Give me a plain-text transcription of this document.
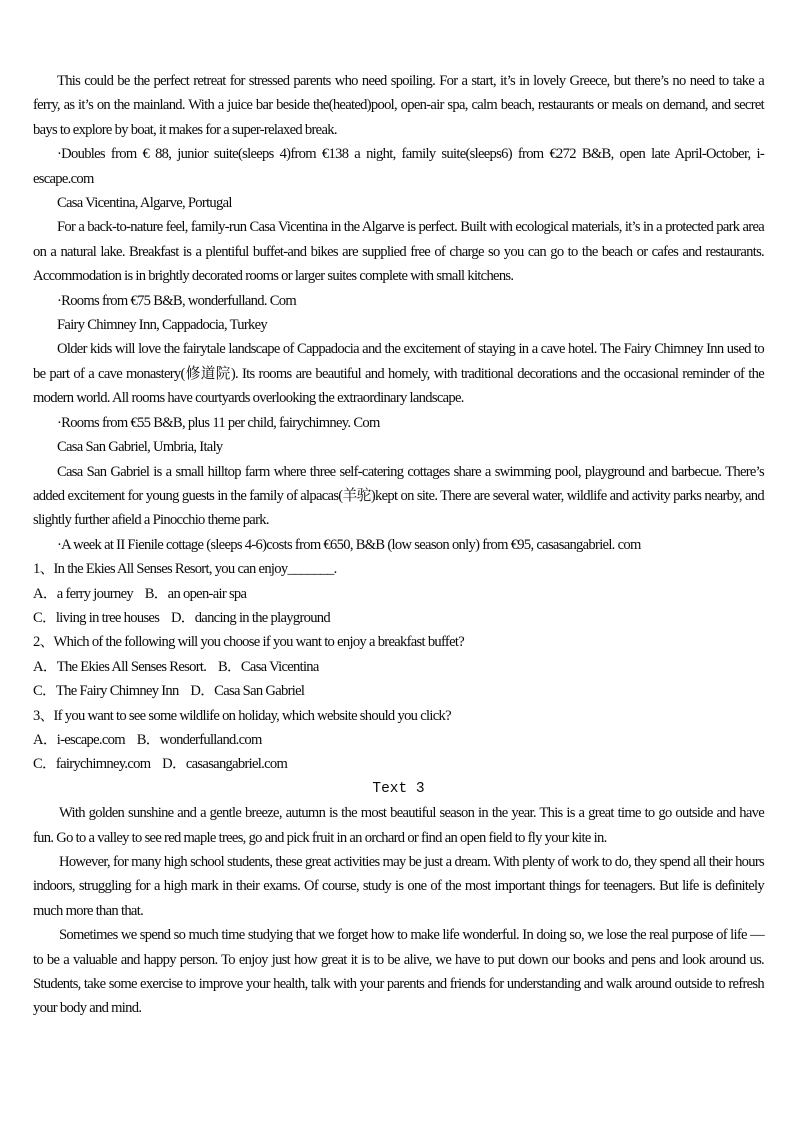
This could be the perfect retreat for stressed parents who need spoiling. For a start, it’s in lovely Greece, but there’s no need to take a ferry, as it’s on the mainland. With a juice bar beside the(heated)pool, open-air spa, calm beach, restaurants or meals on demand, and secret bays to explore by boat, it makes for a super-relaxed break.

·Doubles from € 88, junior suite(sleeps 4)from €138 a night, family suite(sleeps6) from €272 B&B, open late April-October, i-escape.com

Casa Vicentina, Algarve, Portugal

For a back-to-nature feel, family-run Casa Vicentina in the Algarve is perfect. Built with ecological materials, it’s in a protected park area on a natural lake. Breakfast is a plentiful buffet-and bikes are supplied free of charge so you can go to the beach or cafes and restaurants. Accommodation is in brightly decorated rooms or larger suites complete with small kitchens.

·Rooms from €75 B&B, wonderfulland. Com

Fairy Chimney Inn, Cappadocia, Turkey

Older kids will love the fairytale landscape of Cappadocia and the excitement of staying in a cave hotel. The Fairy Chimney Inn used to be part of a cave monastery(修道院). Its rooms are beautiful and homely, with traditional decorations and the occasional reminder of the modern world. All rooms have courtyards overlooking the extraordinary landscape.

·Rooms from €55 B&B, plus 11 per child, fairychimney. Com

Casa San Gabriel, Umbria, Italy

Casa San Gabriel is a small hilltop farm where three self-catering cottages share a swimming pool, playground and barbecue. There’s added excitement for young guests in the family of alpacas(羊驼)kept on site. There are several water, wildlife and activity parks nearby, and slightly further afield a Pinocchio theme park.

·A week at II Fienile cottage (sleeps 4-6)costs from €650, B&B (low season only) from €95, casasangabriel. com

1、In the Ekies All Senses Resort, you can enjoy_______.

A．a ferry journey    B．an open-air spa

C．living in tree houses    D．dancing in the playground

2、Which of the following will you choose if you want to enjoy a breakfast buffet?

A．The Ekies All Senses Resort.    B．Casa Vicentina

C．The Fairy Chimney Inn    D．Casa San Gabriel

3、If you want to see some wildlife on holiday, which website should you click?

A．i-escape.com    B．wonderfulland.com

C．fairychimney.com    D．casasangabriel.com

Text 3

With golden sunshine and a gentle breeze, autumn is the most beautiful season in the year. This is a great time to go outside and have fun. Go to a valley to see red maple trees, go and pick fruit in an orchard or find an open field to fly your kite in.

However, for many high school students, these great activities may be just a dream. With plenty of work to do, they spend all their hours indoors, struggling for a high mark in their exams. Of course, study is one of the most important things for teenagers. But life is definitely much more than that.

Sometimes we spend so much time studying that we forget how to make life wonderful. In doing so, we lose the real purpose of life — to be a valuable and happy person. To enjoy just how great it is to be alive, we have to put down our books and pens and look around us. Students, take some exercise to improve your health, talk with your parents and friends for understanding and walk around outside to refresh your body and mind.
